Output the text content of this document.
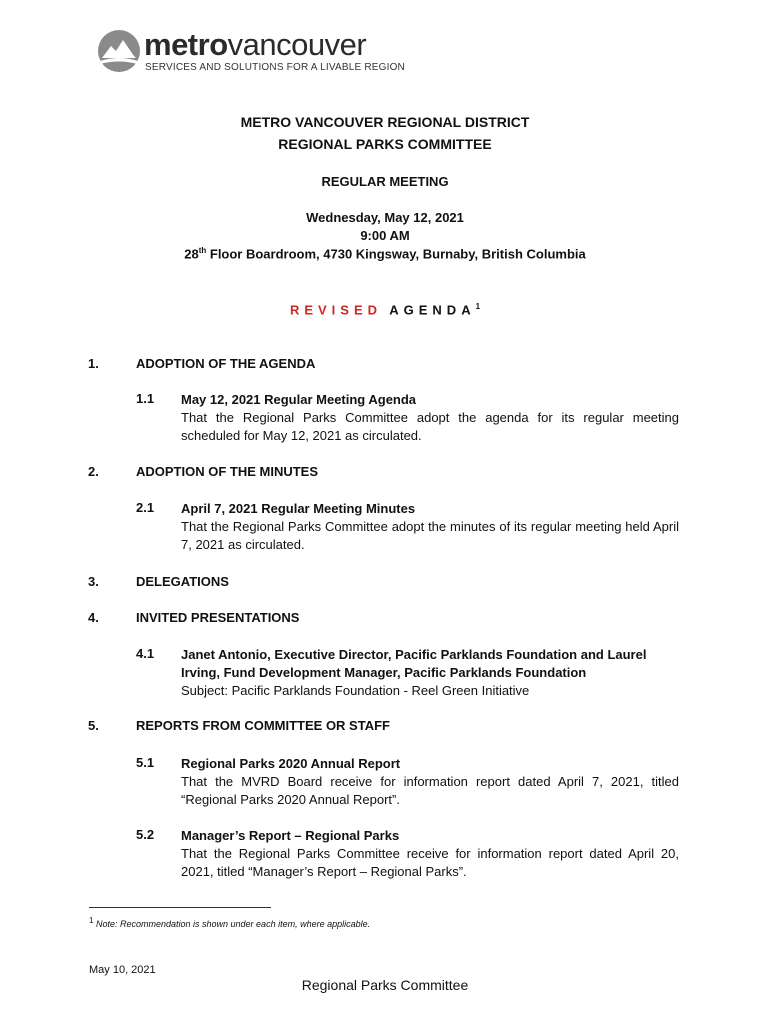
metrovancouver
SERVICES AND SOLUTIONS FOR A LIVABLE REGION
METRO VANCOUVER REGIONAL DISTRICT
REGIONAL PARKS COMMITTEE
REGULAR MEETING
Wednesday, May 12, 2021
9:00 AM
28th Floor Boardroom, 4730 Kingsway, Burnaby, British Columbia
REVISED AGENDA$^1$
1.	ADOPTION OF THE AGENDA
1.1 May 12, 2021 Regular Meeting Agenda
That the Regional Parks Committee adopt the agenda for its regular meeting scheduled for May 12, 2021 as circulated.
2.	ADOPTION OF THE MINUTES
2.1 April 7, 2021 Regular Meeting Minutes
That the Regional Parks Committee adopt the minutes of its regular meeting held April 7, 2021 as circulated.
3.	DELEGATIONS
4.	INVITED PRESENTATIONS
4.1 Janet Antonio, Executive Director, Pacific Parklands Foundation and Laurel Irving, Fund Development Manager, Pacific Parklands Foundation
Subject: Pacific Parklands Foundation - Reel Green Initiative
5.	REPORTS FROM COMMITTEE OR STAFF
5.1 Regional Parks 2020 Annual Report
That the MVRD Board receive for information report dated April 7, 2021, titled “Regional Parks 2020 Annual Report”.
5.2 Manager’s Report – Regional Parks
That the Regional Parks Committee receive for information report dated April 20, 2021, titled “Manager’s Report – Regional Parks”.
$^1$ Note: Recommendation is shown under each item, where applicable.
May 10, 2021
Regional Parks Committee
